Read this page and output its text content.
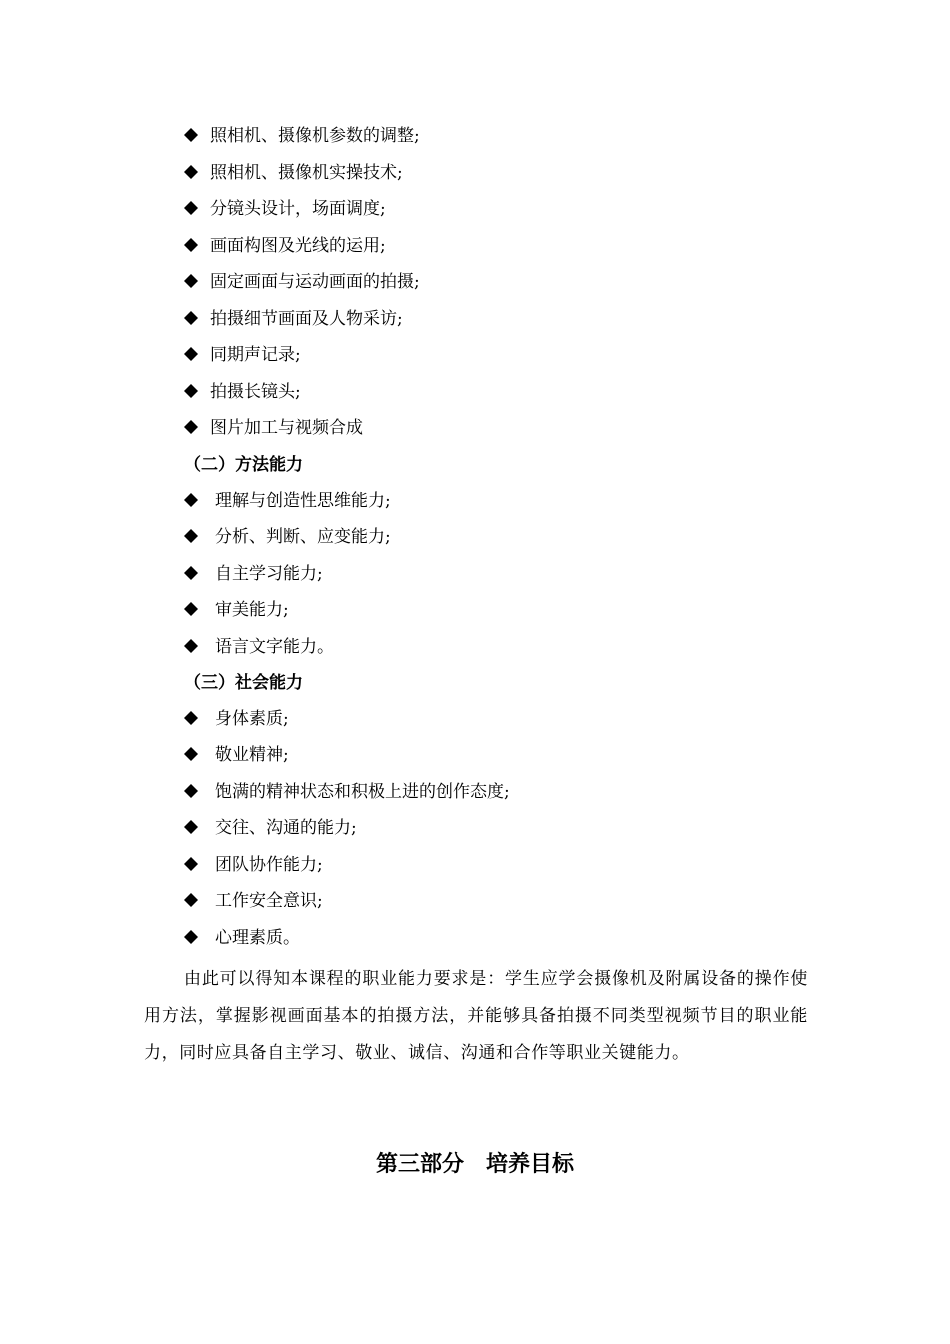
照相机、摄像机参数的调整;
照相机、摄像机实操技术;
分镜头设计，场面调度;
画面构图及光线的运用;
固定画面与运动画面的拍摄;
拍摄细节画面及人物采访;
同期声记录;
拍摄长镜头;
图片加工与视频合成
（二）方法能力
理解与创造性思维能力;
分析、判断、应变能力;
自主学习能力;
审美能力;
语言文字能力。
（三）社会能力
身体素质;
敬业精神;
饱满的精神状态和积极上进的创作态度;
交往、沟通的能力;
团队协作能力;
工作安全意识;
心理素质。

由此可以得知本课程的职业能力要求是：学生应学会摄像机及附属设备的操作使用方法，掌握影视画面基本的拍摄方法，并能够具备拍摄不同类型视频节目的职业能力，同时应具备自主学习、敬业、诚信、沟通和合作等职业关键能力。

第三部分　培养目标
